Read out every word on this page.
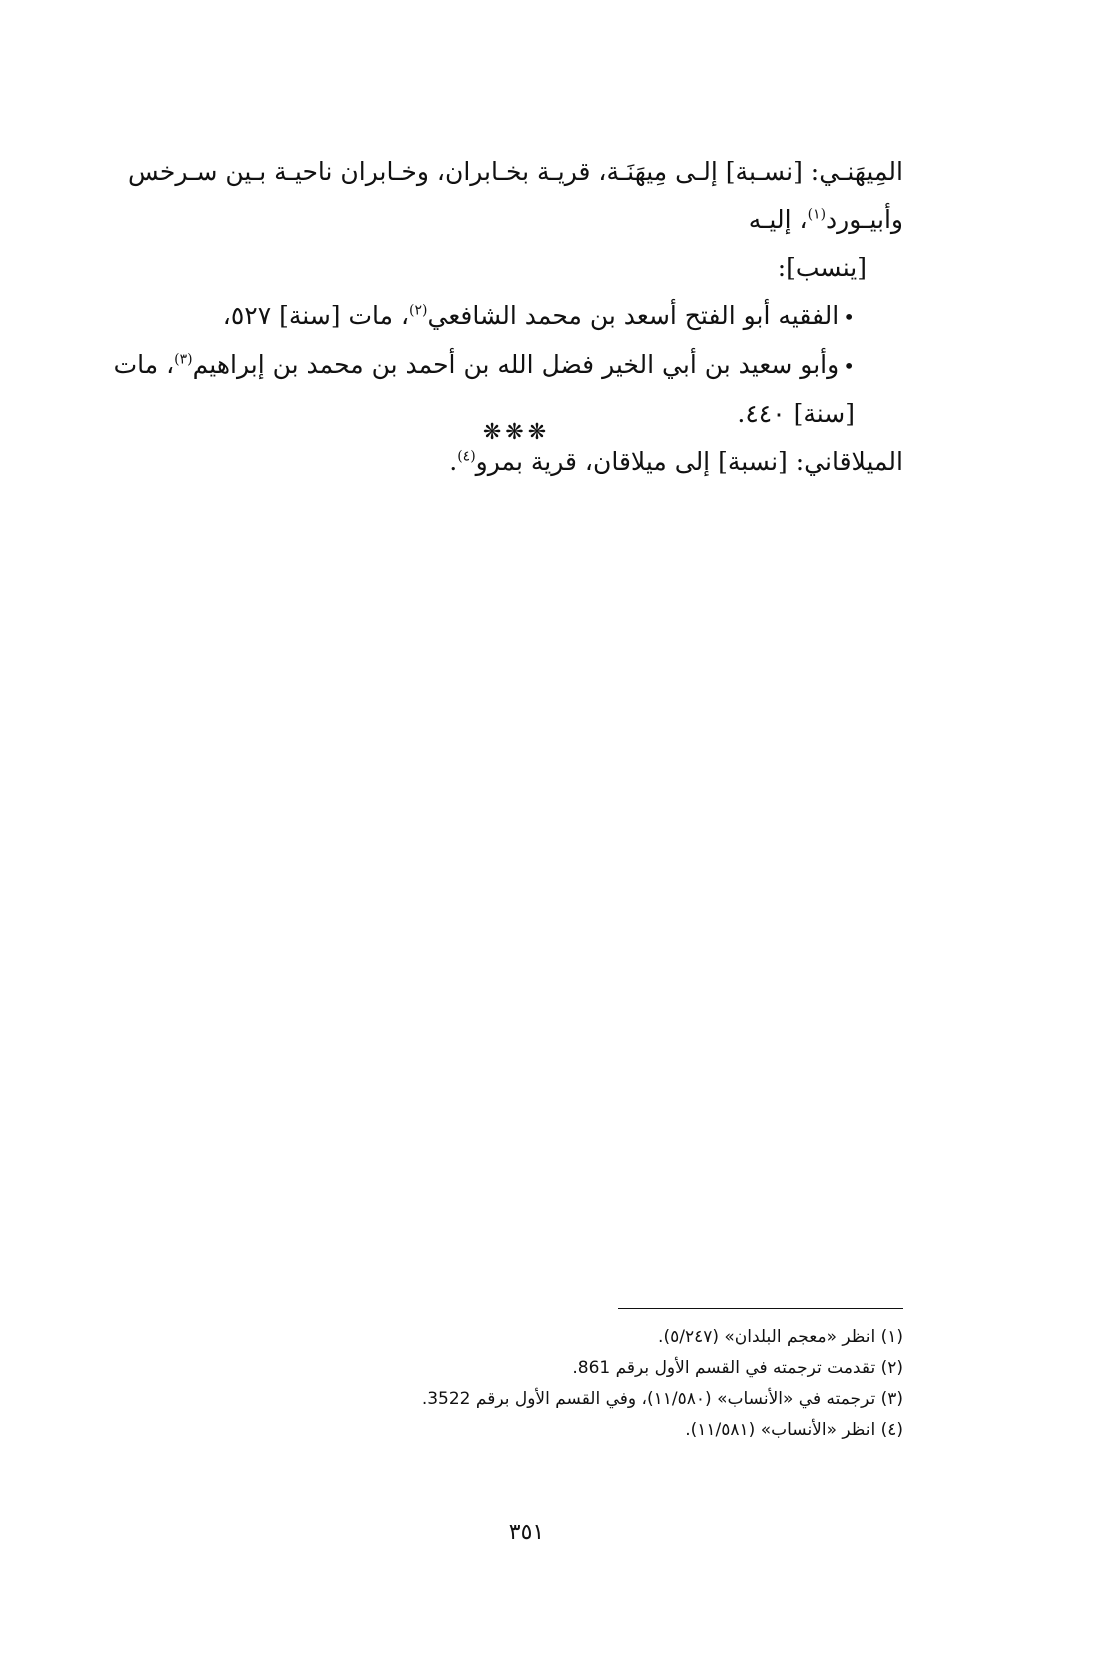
المِيهَنـي: [نسـبة] إلـى مِيهَنَـة، قريـة بخـابران، وخـابران ناحيـة بـين سـرخس وأبيـورد$^{(١)}$، إليـه

[ينسب]:

•الفقيه أبو الفتح أسعد بن محمد الشافعي$^{(٢)}$، مات [سنة] ٥٢٧،

•وأبو سعيد بن أبي الخير فضل الله بن أحمد بن محمد بن إبراهيم$^{(٣)}$، مات [سنة] ٤٤٠.

الميلاقاني: [نسبة] إلى ميلاقان، قرية بمرو$^{(٤)}$.

❋❋❋

(١) انظر «معجم البلدان» (٥/٢٤٧).

(٢) تقدمت ترجمته في القسم الأول برقم 861.

(٣) ترجمته في «الأنساب» (١١/٥٨٠)، وفي القسم الأول برقم 3522.

(٤) انظر «الأنساب» (١١/٥٨١).

٣٥١
